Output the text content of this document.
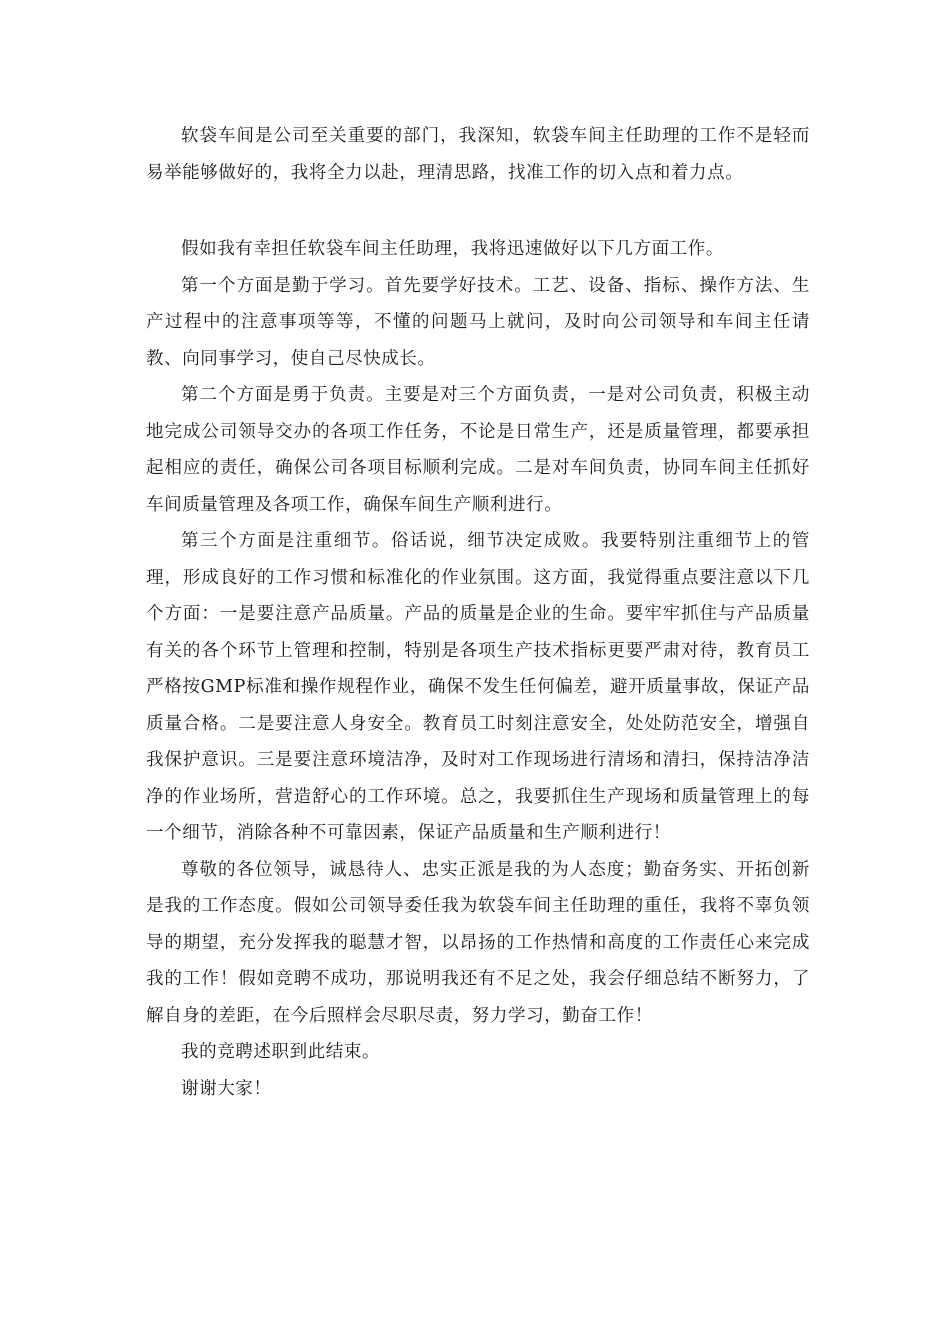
软袋车间是公司至关重要的部门，我深知，软袋车间主任助理的工作不是轻而易举能够做好的，我将全力以赴，理清思路，找准工作的切入点和着力点。

假如我有幸担任软袋车间主任助理，我将迅速做好以下几方面工作。

第一个方面是勤于学习。首先要学好技术。工艺、设备、指标、操作方法、生产过程中的注意事项等等，不懂的问题马上就问，及时向公司领导和车间主任请教、向同事学习，使自己尽快成长。

第二个方面是勇于负责。主要是对三个方面负责，一是对公司负责，积极主动地完成公司领导交办的各项工作任务，不论是日常生产，还是质量管理，都要承担起相应的责任，确保公司各项目标顺利完成。二是对车间负责，协同车间主任抓好车间质量管理及各项工作，确保车间生产顺利进行。

第三个方面是注重细节。俗话说，细节决定成败。我要特别注重细节上的管理，形成良好的工作习惯和标准化的作业氛围。这方面，我觉得重点要注意以下几个方面：一是要注意产品质量。产品的质量是企业的生命。要牢牢抓住与产品质量有关的各个环节上管理和控制，特别是各项生产技术指标更要严肃对待，教育员工严格按GMP标准和操作规程作业，确保不发生任何偏差，避开质量事故，保证产品质量合格。二是要注意人身安全。教育员工时刻注意安全，处处防范安全，增强自我保护意识。三是要注意环境洁净，及时对工作现场进行清场和清扫，保持洁净洁净的作业场所，营造舒心的工作环境。总之，我要抓住生产现场和质量管理上的每一个细节，消除各种不可靠因素，保证产品质量和生产顺利进行！

尊敬的各位领导，诚恳待人、忠实正派是我的为人态度；勤奋务实、开拓创新是我的工作态度。假如公司领导委任我为软袋车间主任助理的重任，我将不辜负领导的期望，充分发挥我的聪慧才智，以昂扬的工作热情和高度的工作责任心来完成我的工作！假如竞聘不成功，那说明我还有不足之处，我会仔细总结不断努力，了解自身的差距，在今后照样会尽职尽责，努力学习，勤奋工作！

我的竞聘述职到此结束。

谢谢大家！
